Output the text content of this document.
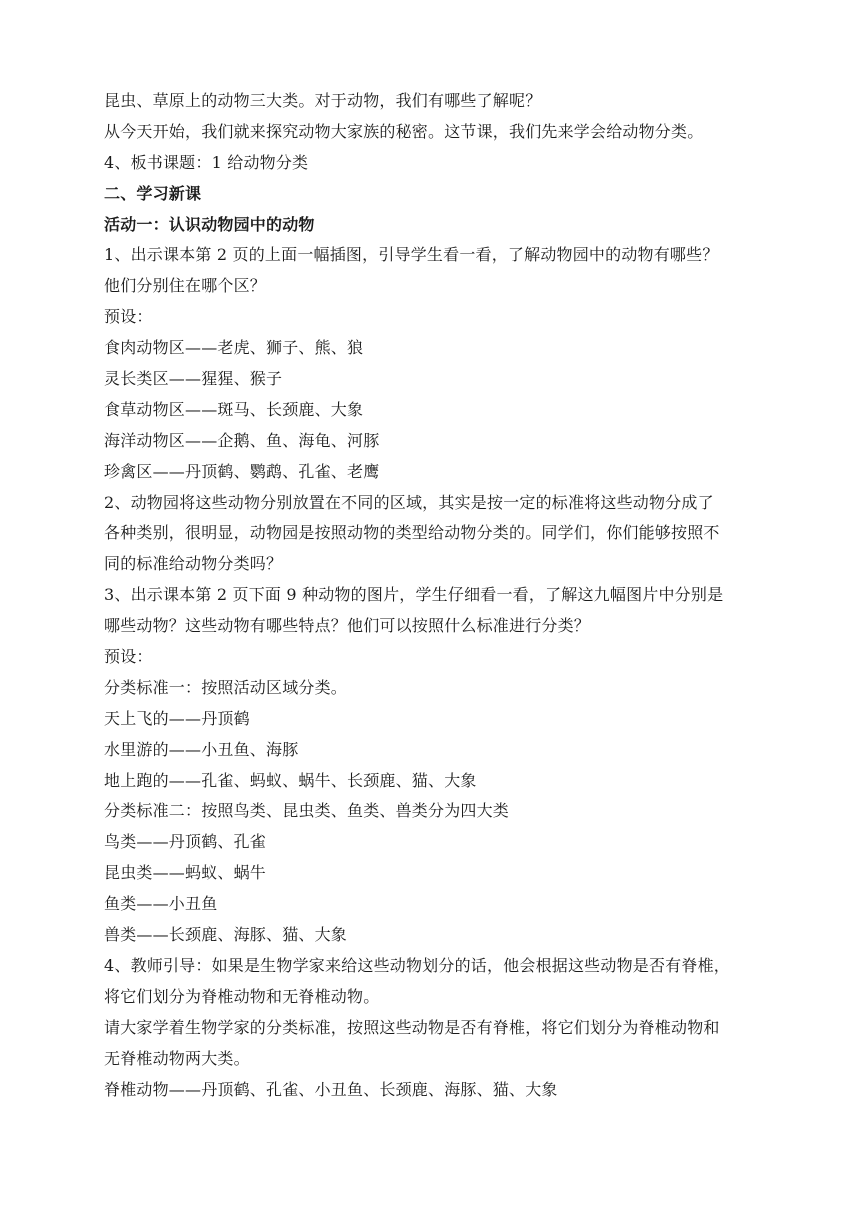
昆虫、草原上的动物三大类。对于动物，我们有哪些了解呢？
从今天开始，我们就来探究动物大家族的秘密。这节课，我们先来学会给动物分类。
4、板书课题：1 给动物分类
二、学习新课
活动一：认识动物园中的动物
1、出示课本第 2 页的上面一幅插图，引导学生看一看，了解动物园中的动物有哪些？
他们分别住在哪个区？
预设：
食肉动物区——老虎、狮子、熊、狼
灵长类区——猩猩、猴子
食草动物区——斑马、长颈鹿、大象
海洋动物区——企鹅、鱼、海龟、河豚
珍禽区——丹顶鹤、鹦鹉、孔雀、老鹰
2、动物园将这些动物分别放置在不同的区域，其实是按一定的标准将这些动物分成了
各种类别，很明显，动物园是按照动物的类型给动物分类的。同学们，你们能够按照不
同的标准给动物分类吗？
3、出示课本第 2 页下面 9 种动物的图片，学生仔细看一看，了解这九幅图片中分别是
哪些动物？这些动物有哪些特点？他们可以按照什么标准进行分类？
预设：
分类标准一：按照活动区域分类。
天上飞的——丹顶鹤
水里游的——小丑鱼、海豚
地上跑的——孔雀、蚂蚁、蜗牛、长颈鹿、猫、大象
分类标准二：按照鸟类、昆虫类、鱼类、兽类分为四大类
鸟类——丹顶鹤、孔雀
昆虫类——蚂蚁、蜗牛
鱼类——小丑鱼
兽类——长颈鹿、海豚、猫、大象
4、教师引导：如果是生物学家来给这些动物划分的话，他会根据这些动物是否有脊椎，
将它们划分为脊椎动物和无脊椎动物。
请大家学着生物学家的分类标准，按照这些动物是否有脊椎，将它们划分为脊椎动物和
无脊椎动物两大类。
脊椎动物——丹顶鹤、孔雀、小丑鱼、长颈鹿、海豚、猫、大象
